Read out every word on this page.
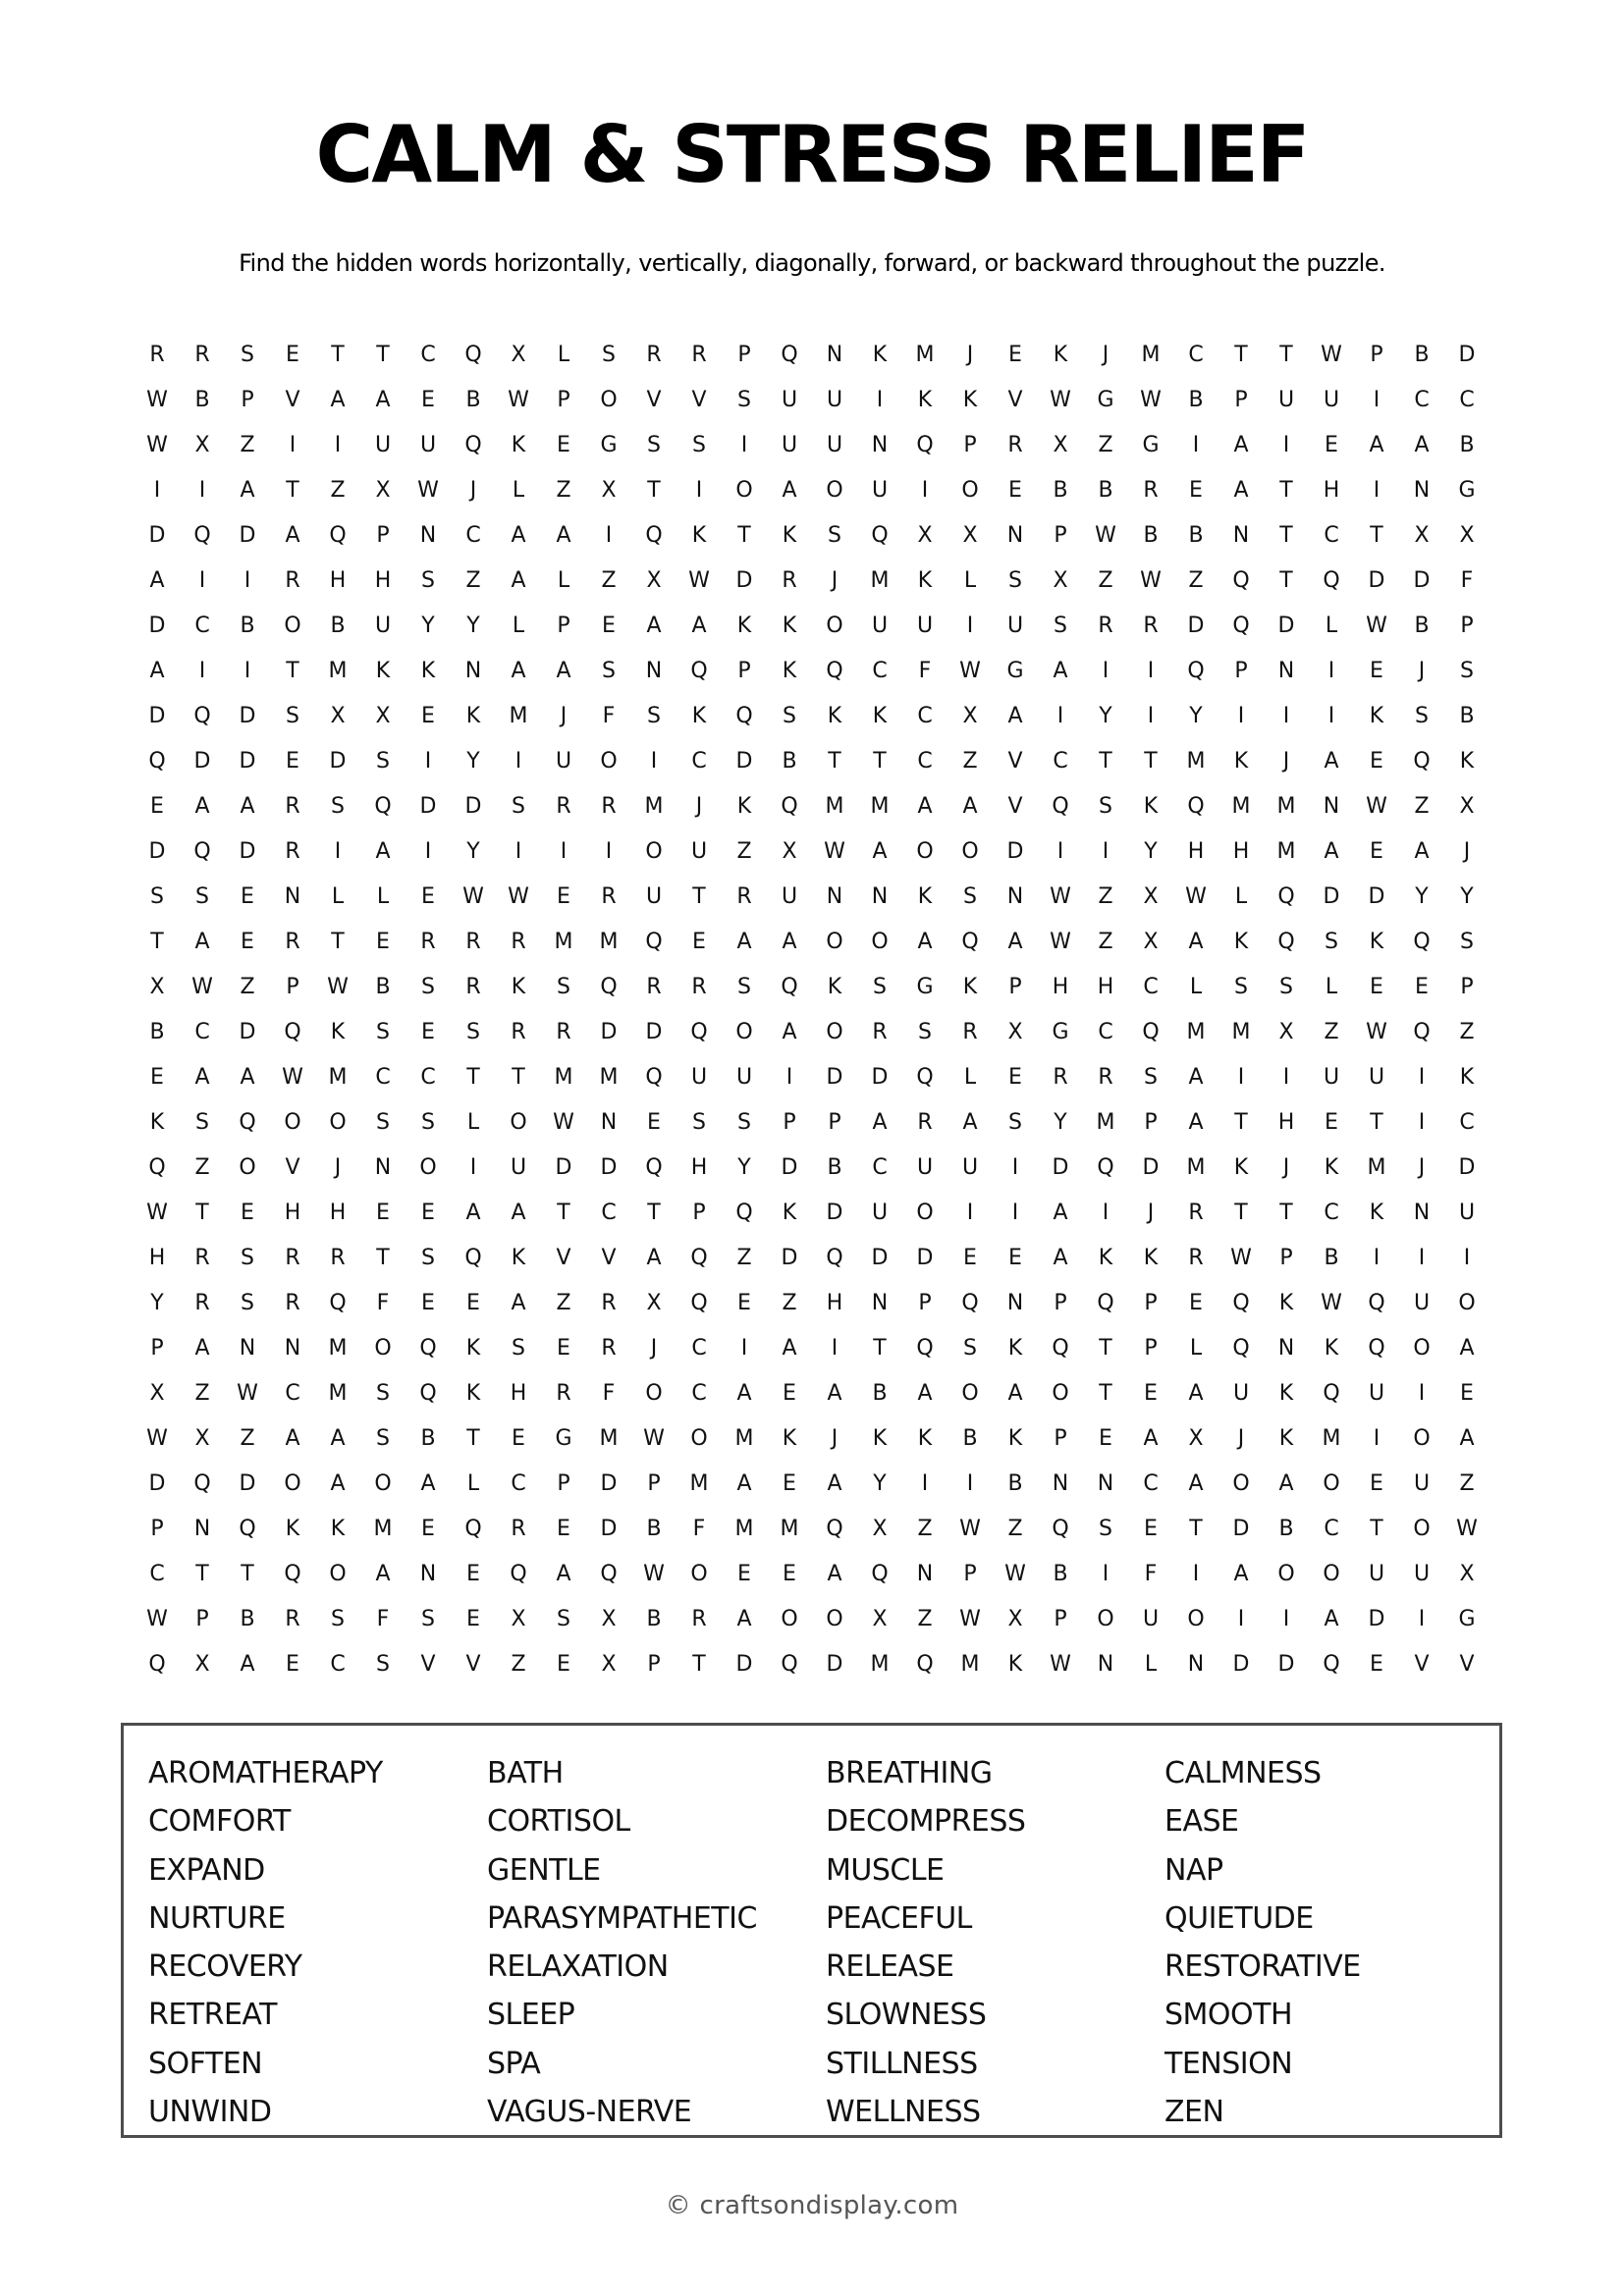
CALM & STRESS RELIEF

Find the hidden words horizontally, vertically, diagonally, forward, or backward throughout the puzzle.

R	R	S	E	T	T	C	Q	X	L	S	R	R	P	Q	N	K	M	J	E	K	J	M	C	T	T	W	P	B	D
W	B	P	V	A	A	E	B	W	P	O	V	V	S	U	U	I	K	K	V	W	G	W	B	P	U	U	I	C	C
W	X	Z	I	I	U	U	Q	K	E	G	S	S	I	U	U	N	Q	P	R	X	Z	G	I	A	I	E	A	A	B
I	I	A	T	Z	X	W	J	L	Z	X	T	I	O	A	O	U	I	O	E	B	B	R	E	A	T	H	I	N	G
D	Q	D	A	Q	P	N	C	A	A	I	Q	K	T	K	S	Q	X	X	N	P	W	B	B	N	T	C	T	X	X
A	I	I	R	H	H	S	Z	A	L	Z	X	W	D	R	J	M	K	L	S	X	Z	W	Z	Q	T	Q	D	D	F
D	C	B	O	B	U	Y	Y	L	P	E	A	A	K	K	O	U	U	I	U	S	R	R	D	Q	D	L	W	B	P
A	I	I	T	M	K	K	N	A	A	S	N	Q	P	K	Q	C	F	W	G	A	I	I	Q	P	N	I	E	J	S
D	Q	D	S	X	X	E	K	M	J	F	S	K	Q	S	K	K	C	X	A	I	Y	I	Y	I	I	I	K	S	B
Q	D	D	E	D	S	I	Y	I	U	O	I	C	D	B	T	T	C	Z	V	C	T	T	M	K	J	A	E	Q	K
E	A	A	R	S	Q	D	D	S	R	R	M	J	K	Q	M	M	A	A	V	Q	S	K	Q	M	M	N	W	Z	X
D	Q	D	R	I	A	I	Y	I	I	I	O	U	Z	X	W	A	O	O	D	I	I	Y	H	H	M	A	E	A	J
S	S	E	N	L	L	E	W	W	E	R	U	T	R	U	N	N	K	S	N	W	Z	X	W	L	Q	D	D	Y	Y
T	A	E	R	T	E	R	R	R	M	M	Q	E	A	A	O	O	A	Q	A	W	Z	X	A	K	Q	S	K	Q	S
X	W	Z	P	W	B	S	R	K	S	Q	R	R	S	Q	K	S	G	K	P	H	H	C	L	S	S	L	E	E	P
B	C	D	Q	K	S	E	S	R	R	D	D	Q	O	A	O	R	S	R	X	G	C	Q	M	M	X	Z	W	Q	Z
E	A	A	W	M	C	C	T	T	M	M	Q	U	U	I	D	D	Q	L	E	R	R	S	A	I	I	U	U	I	K
K	S	Q	O	O	S	S	L	O	W	N	E	S	S	P	P	A	R	A	S	Y	M	P	A	T	H	E	T	I	C
Q	Z	O	V	J	N	O	I	U	D	D	Q	H	Y	D	B	C	U	U	I	D	Q	D	M	K	J	K	M	J	D
W	T	E	H	H	E	E	A	A	T	C	T	P	Q	K	D	U	O	I	I	A	I	J	R	T	T	C	K	N	U
H	R	S	R	R	T	S	Q	K	V	V	A	Q	Z	D	Q	D	D	E	E	A	K	K	R	W	P	B	I	I	I
Y	R	S	R	Q	F	E	E	A	Z	R	X	Q	E	Z	H	N	P	Q	N	P	Q	P	E	Q	K	W	Q	U	O
P	A	N	N	M	O	Q	K	S	E	R	J	C	I	A	I	T	Q	S	K	Q	T	P	L	Q	N	K	Q	O	A
X	Z	W	C	M	S	Q	K	H	R	F	O	C	A	E	A	B	A	O	A	O	T	E	A	U	K	Q	U	I	E
W	X	Z	A	A	S	B	T	E	G	M	W	O	M	K	J	K	K	B	K	P	E	A	X	J	K	M	I	O	A
D	Q	D	O	A	O	A	L	C	P	D	P	M	A	E	A	Y	I	I	B	N	N	C	A	O	A	O	E	U	Z
P	N	Q	K	K	M	E	Q	R	E	D	B	F	M	M	Q	X	Z	W	Z	Q	S	E	T	D	B	C	T	O	W
C	T	T	Q	O	A	N	E	Q	A	Q	W	O	E	E	A	Q	N	P	W	B	I	F	I	A	O	O	U	U	X
W	P	B	R	S	F	S	E	X	S	X	B	R	A	O	O	X	Z	W	X	P	O	U	O	I	I	A	D	I	G
Q	X	A	E	C	S	V	V	Z	E	X	P	T	D	Q	D	M	Q	M	K	W	N	L	N	D	D	Q	E	V	V
AROMATHERAPY	BATH	BREATHING	CALMNESS
COMFORT	CORTISOL	DECOMPRESS	EASE
EXPAND	GENTLE	MUSCLE	NAP
NURTURE	PARASYMPATHETIC	PEACEFUL	QUIETUDE
RECOVERY	RELAXATION	RELEASE	RESTORATIVE
RETREAT	SLEEP	SLOWNESS	SMOOTH
SOFTEN	SPA	STILLNESS	TENSION
UNWIND	VAGUS-NERVE	WELLNESS	ZEN
© craftsondisplay.com
